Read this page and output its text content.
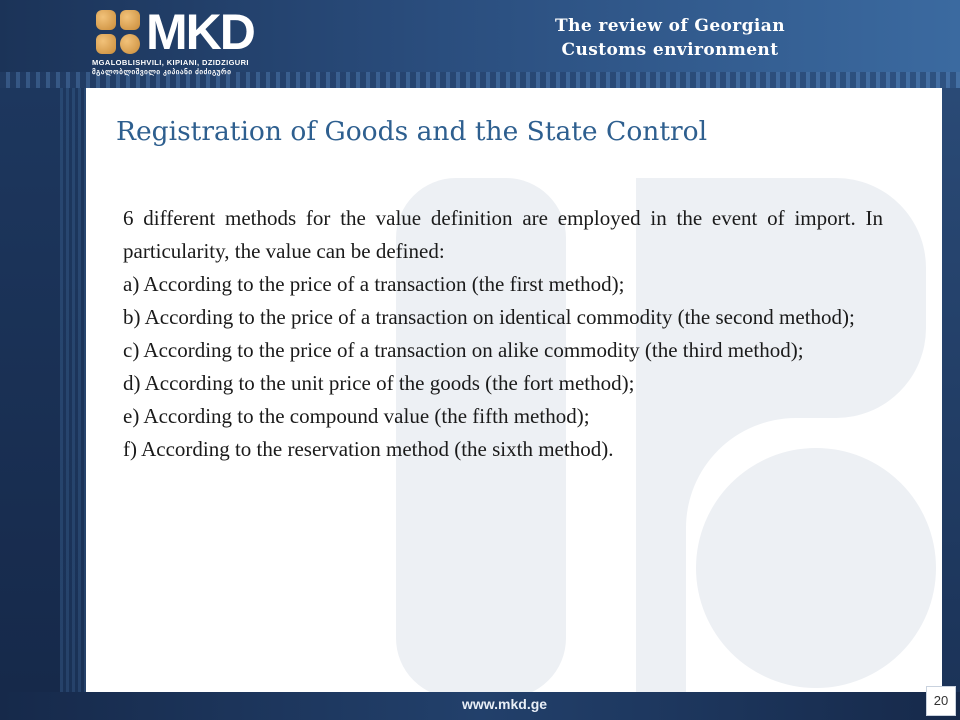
MKD
MGALOBLISHVILI, KIPIANI, DZIDZIGURI
მგალობლიშვილი კიპიანი ძიძიგური
The review of Georgian
Customs environment
Registration of Goods and the State Control

6 different methods for the value definition are employed in the event of import. In particularity, the value can be defined:

a) According to the price of a transaction (the first method);

b) According to the price of a transaction on identical commodity (the second method);

c) According to the price of a transaction on alike commodity (the third method);

d) According to the unit price of the goods (the fort method);

e) According to the compound value (the fifth method);

f) According to the reservation method (the sixth method).

www.mkd.ge	20
